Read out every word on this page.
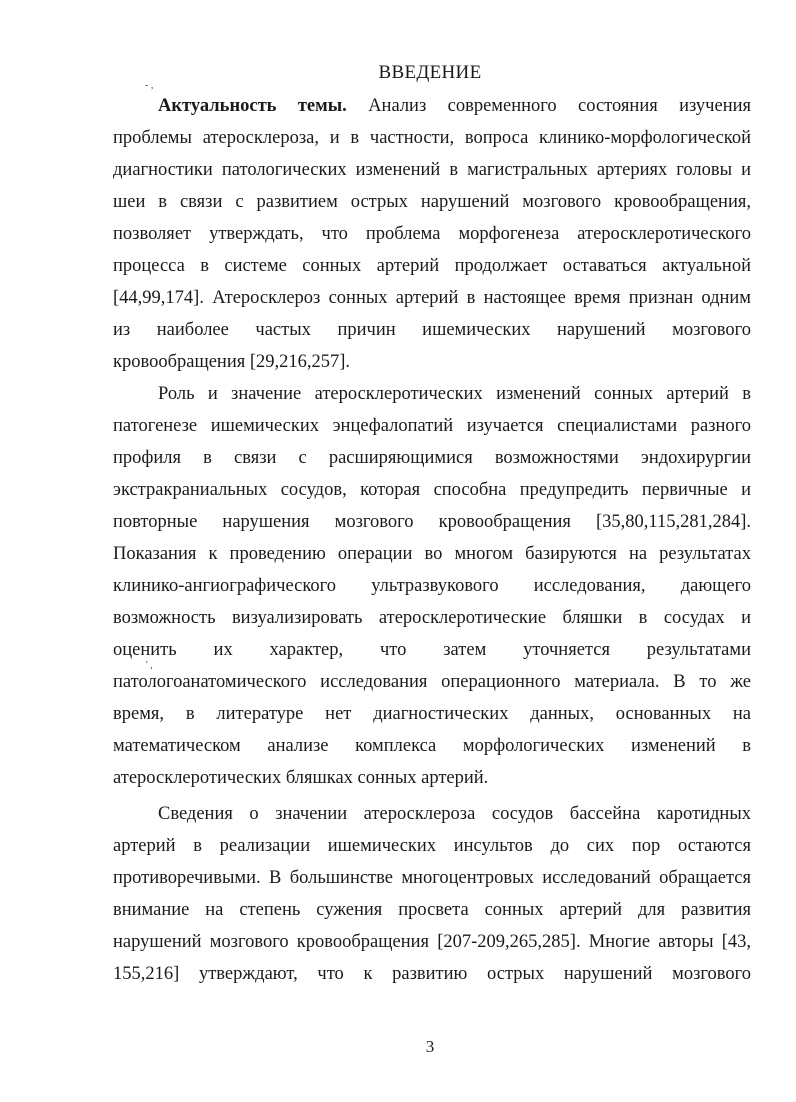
- ,
ВВЕДЕНИЕ
Актуальность темы. Анализ современного состояния изучения
проблемы атеросклероза, и в частности, вопроса клинико-морфологической
диагностики патологических изменений в магистральных артериях головы и
шеи в связи с развитием острых нарушений мозгового кровообращения,
позволяет утверждать, что проблема морфогенеза атеросклеротического
процесса в системе сонных артерий продолжает оставаться актуальной
[44,99,174]. Атеросклероз сонных артерий в настоящее время признан одним
из наиболее частых причин ишемических нарушений мозгового
кровообращения [29,216,257].
Роль и значение атеросклеротических изменений сонных артерий в
патогенезе ишемических энцефалопатий изучается специалистами разного
профиля в связи с расширяющимися возможностями эндохирургии
экстракраниальных сосудов, которая способна предупредить первичные и
повторные нарушения мозгового кровообращения [35,80,115,281,284].
Показания к проведению операции во многом базируются на результатах
клинико-ангиографического ультразвукового исследования, дающего
возможность визуализировать атеросклеротические бляшки в сосудах и
оценить их характер, что затем уточняется результатами
патологоанатомического исследования операционного материала. В то же
время, в литературе нет диагностических данных, основанных на
математическом анализе комплекса морфологических изменений в
атеросклеротических бляшках сонных артерий.
Сведения о значении атеросклероза сосудов бассейна каротидных
артерий в реализации ишемических инсультов до сих пор остаются
противоречивыми. В большинстве многоцентровых исследований обращается
внимание на степень сужения просвета сонных артерий для развития
нарушений мозгового кровообращения [207-209,265,285]. Многие авторы [43,
155,216] утверждают, что к развитию острых нарушений мозгового
' ,
3
